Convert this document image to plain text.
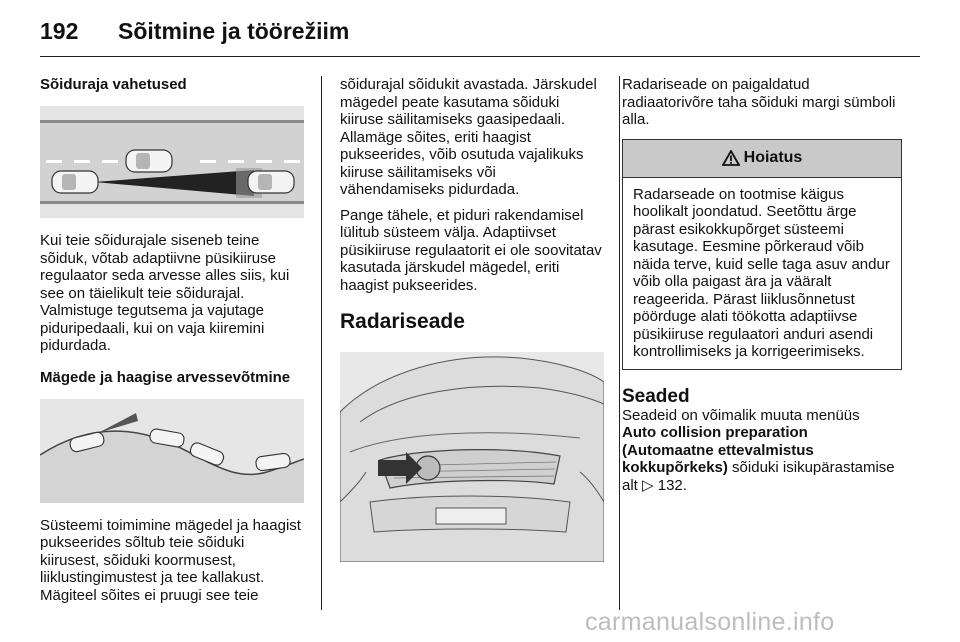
192 Sõitmine ja töörežiim
Sõiduraja vahetused

Kui teie sõidurajale siseneb teine sõiduk, võtab adaptiivne püsikiiruse regulaator seda arvesse alles siis, kui see on täielikult teie sõidurajal. Valmistuge tegutsema ja vajutage piduripedaali, kui on vaja kiiremini pidurdada.

Mägede ja haagise arvessevõtmine

Süsteemi toimimine mägedel ja haagist pukseerides sõltub teie sõiduki kiirusest, sõiduki koormusest, liiklustingimustest ja tee kallakust. Mägiteel sõites ei pruugi see teie

sõidurajal sõidukit avastada. Järskudel mägedel peate kasutama sõiduki kiiruse säilitamiseks gaasipedaali. Allamäge sõites, eriti haagist pukseerides, võib osutuda vajalikuks kiiruse säilitamiseks või vähendamiseks pidurdada.

Pange tähele, et piduri rakendamisel lülitub süsteem välja. Adaptiivset püsikiiruse regulaatorit ei ole soovitatav kasutada järskudel mägedel, eriti haagist pukseerides.

Radariseade

Radariseade on paigaldatud radiaatorivõre taha sõiduki margi sümboli alla.

Hoiatus

Radarseade on tootmise käigus hoolikalt joondatud. Seetõttu ärge pärast esikokkupõrget süsteemi kasutage. Eesmine põrkeraud võib näida terve, kuid selle taga asuv andur võib olla paigast ära ja vääralt reageerida. Pärast liiklusõnnetust pöörduge alati töökotta adaptiivse püsikiiruse regulaatori anduri asendi kontrollimiseks ja korrigeerimiseks.

Seaded

Seadeid on võimalik muuta menüüs
Auto collision preparation (Automaatne ettevalmistus kokkupõrkeks) sõiduki isikupärastamise alt ▷ 132.

carmanualsonline.info
